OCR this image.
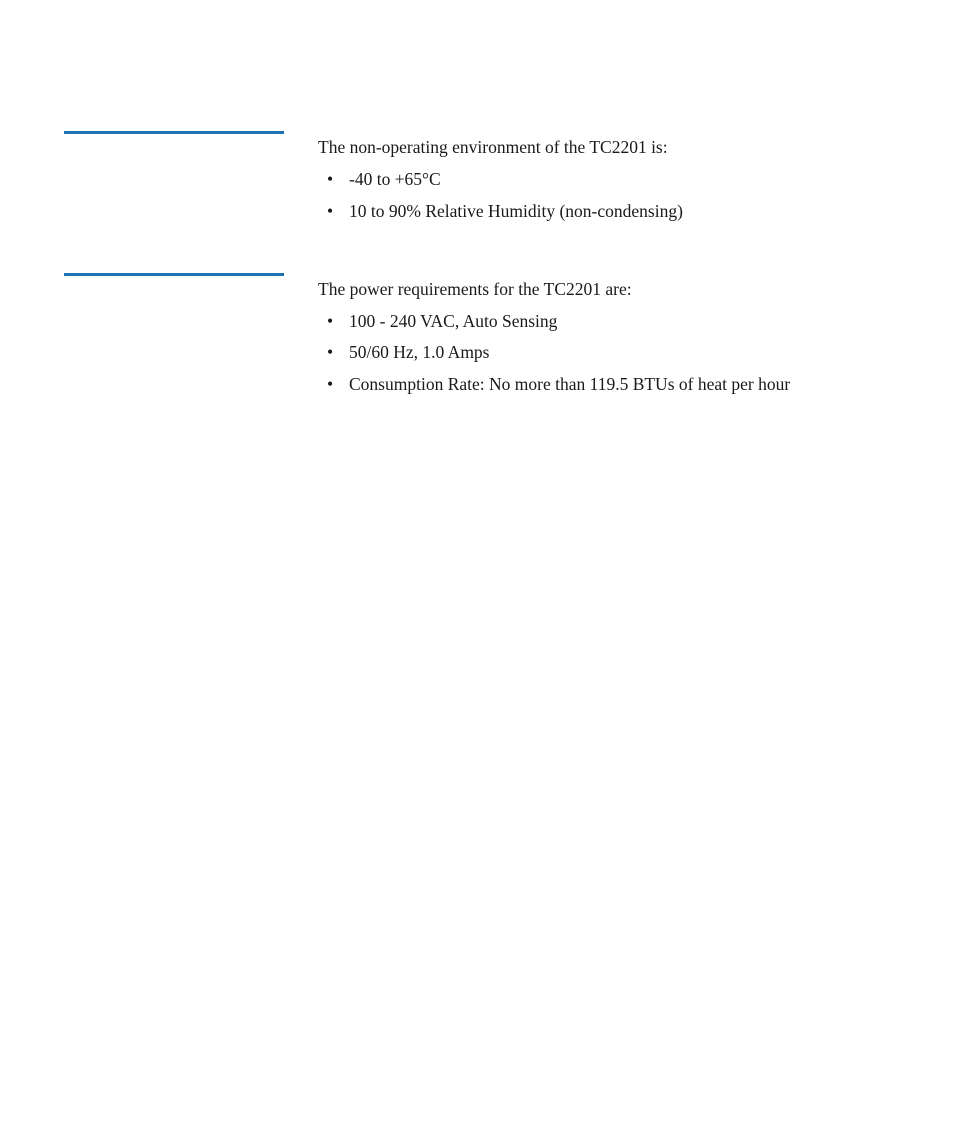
The non-operating environment of the TC2201 is:

• -40 to +65°C
• 10 to 90% Relative Humidity (non-condensing)

The power requirements for the TC2201 are:

• 100 - 240 VAC, Auto Sensing
• 50/60 Hz, 1.0 Amps
• Consumption Rate: No more than 119.5 BTUs of heat per hour
